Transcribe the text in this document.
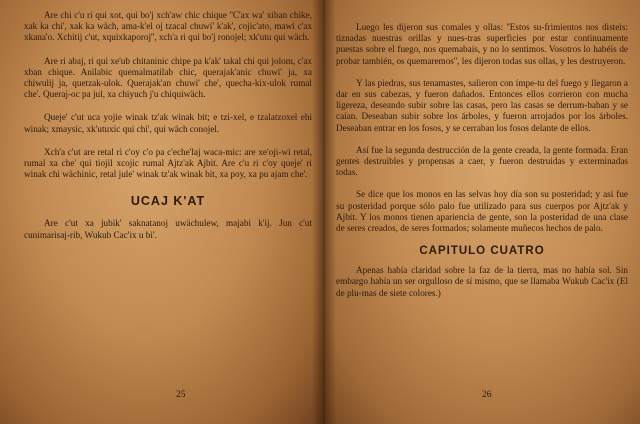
Are chi c'u ri qui xot, qui bo'j xch'aw chic chique ''C'ax wa' xiban chike, xak ka chi', xak ka wäch, ama-k'el oj tzacal chuwi' k'ak', cojic'ato, mawi c'ax xkana'o. Xchitij c'ut, xquixkaporoj'', xch'a ri qui bo'j ronojel; xk'utu qui wäch.

Are ri abaj, ri qui xe'ub chitaninic chipe pa k'ak' takal chi qui jolom, c'ax xban chique. Anilabic quemalmatilab chic, querajak'anic chuwi' ja, xa chiwulij ja, quetzak-ulok. Querajak'an chuwi' che', quecha-kix-ulok rumal che'. Queraj-oc pa jul, xa chiyuch j'u chiquiwäch.

Queje' c'ut uca yojie winak tz'ak winak bit; e tzi-xel, e tzalatzoxel ehi winak; xmaysic, xk'utuxic qui chi', qui wäch conojel.

Xch'a c'ut are retal ri c'oy c'o pa c'eche'laj waca-mic: are xe'oji-wi retal, rumal xa che' qui tiojil xcojic rumal Ajtz'ak Ajbit. Are c'u ri c'oy queje' ri winak chi wächinic, retal jule' winak tz'ak winak bit, xa poy, xa pu ajam che'.

UCAJ K'AT

Are c'ut xa jubik' saknatanoj uwächulew, majabi k'ij. Jun c'ut cunimarisaj-rib, Wukub Cac'ix u bi'.

25

Luego les dijeron sus comales y ollas: ''Estos su-frimientos nos disteis: tiznadas nuestras orillas y nues-tras superficies por estar continuamente puestas sobre el fuego, nos quemabais, y no lo sentimos. Vosotros lo habéis de probar también, os quemaremos'', les dijeron todas sus ollas, y les destruyeron.

Y las piedras, sus tenamastes, salieron con ímpe-tu del fuego y llegaron a dar en sus cabezas, y fueron dañados. Entonces ellos corrieron con mucha ligereza, deseando subir sobre las casas, pero las casas se derrum-baban y se caían. Deseaban subir sobre los árboles, y fueron arrojados por los árboles. Deseaban entrar en los fosos, y se cerraban los fosos delante de ellos.

Así fue la segunda destrucción de la gente creada, la gente formada. Eran gentes destruibles y propensas a caer, y fueron destruidas y exterminadas todas.

Se dice que los monos en las selvas hoy día son su posteridad; y así fue su posteridad porque sólo palo fue utilizado para sus cuerpos por Ajtz'ak y Ajbit. Y los monos tienen apariencia de gente, son la posteridad de una clase de seres creados, de seres formados; solamente muñecos hechos de palo.

CAPITULO CUATRO

Apenas había claridad sobre la faz de la tierra, mas no había sol. Sin embargo había un ser orgulloso de sí mismo, que se llamaba Wukub Cac'ix (El de plu-mas de siete colores.)

26
